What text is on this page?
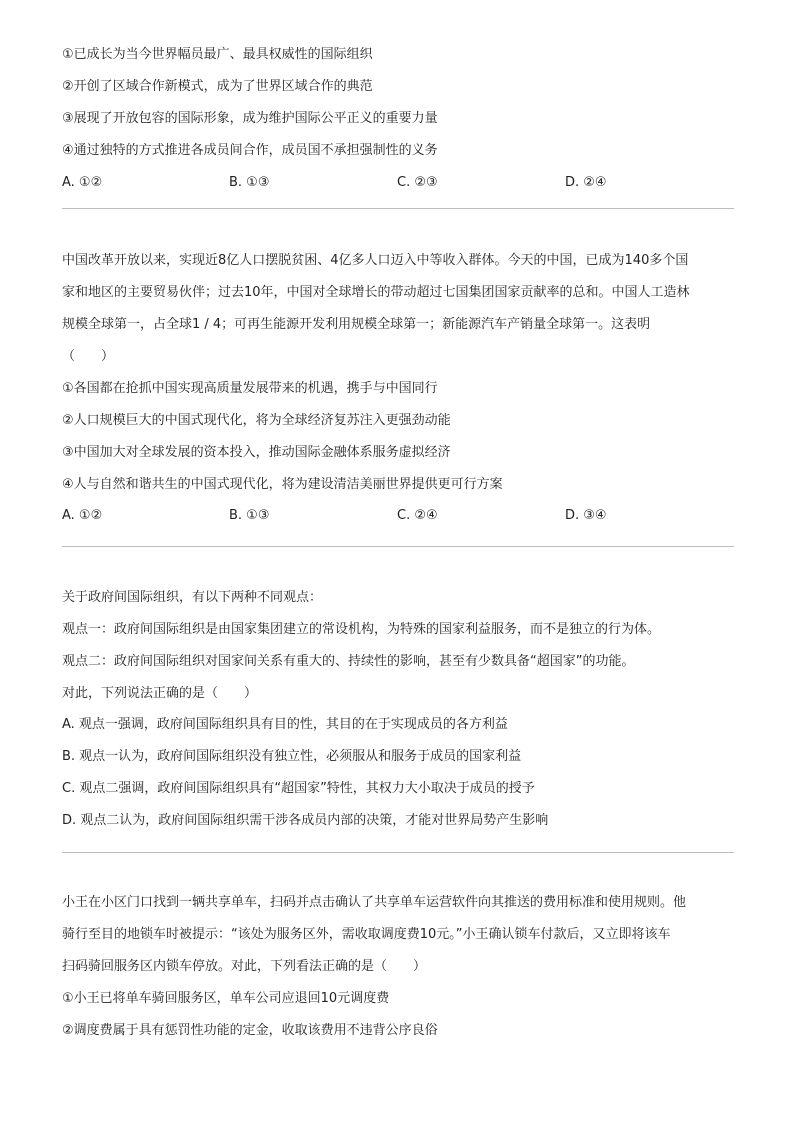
①已成长为当今世界幅员最广、最具权威性的国际组织
②开创了区域合作新模式，成为了世界区域合作的典范
③展现了开放包容的国际形象，成为维护国际公平正义的重要力量
④通过独特的方式推进各成员间合作，成员国不承担强制性的义务
A. ①②	B. ①③	C. ②③	D. ②④
中国改革开放以来，实现近8亿人口摆脱贫困、4亿多人口迈入中等收入群体。今天的中国，已成为140多个国
家和地区的主要贸易伙伴；过去10年，中国对全球增长的带动超过七国集团国家贡献率的总和。中国人工造林
规模全球第一，占全球1 / 4；可再生能源开发利用规模全球第一；新能源汽车产销量全球第一。这表明
（　　）
①各国都在抢抓中国实现高质量发展带来的机遇，携手与中国同行
②人口规模巨大的中国式现代化，将为全球经济复苏注入更强劲动能
③中国加大对全球发展的资本投入，推动国际金融体系服务虚拟经济
④人与自然和谐共生的中国式现代化，将为建设清洁美丽世界提供更可行方案
A. ①②	B. ①③	C. ②④	D. ③④
关于政府间国际组织，有以下两种不同观点：
观点一：政府间国际组织是由国家集团建立的常设机构，为特殊的国家利益服务，而不是独立的行为体。
观点二：政府间国际组织对国家间关系有重大的、持续性的影响，甚至有少数具备“超国家”的功能。
对此，下列说法正确的是（　　）
A. 观点一强调，政府间国际组织具有目的性，其目的在于实现成员的各方利益
B. 观点一认为，政府间国际组织没有独立性，必须服从和服务于成员的国家利益
C. 观点二强调，政府间国际组织具有“超国家”特性，其权力大小取决于成员的授予
D. 观点二认为，政府间国际组织需干涉各成员内部的决策，才能对世界局势产生影响
小王在小区门口找到一辆共享单车，扫码并点击确认了共享单车运营软件向其推送的费用标准和使用规则。他
骑行至目的地锁车时被提示：“该处为服务区外，需收取调度费10元。”小王确认锁车付款后，又立即将该车
扫码骑回服务区内锁车停放。对此，下列看法正确的是（　　）
①小王已将单车骑回服务区，单车公司应退回10元调度费
②调度费属于具有惩罚性功能的定金，收取该费用不违背公序良俗
